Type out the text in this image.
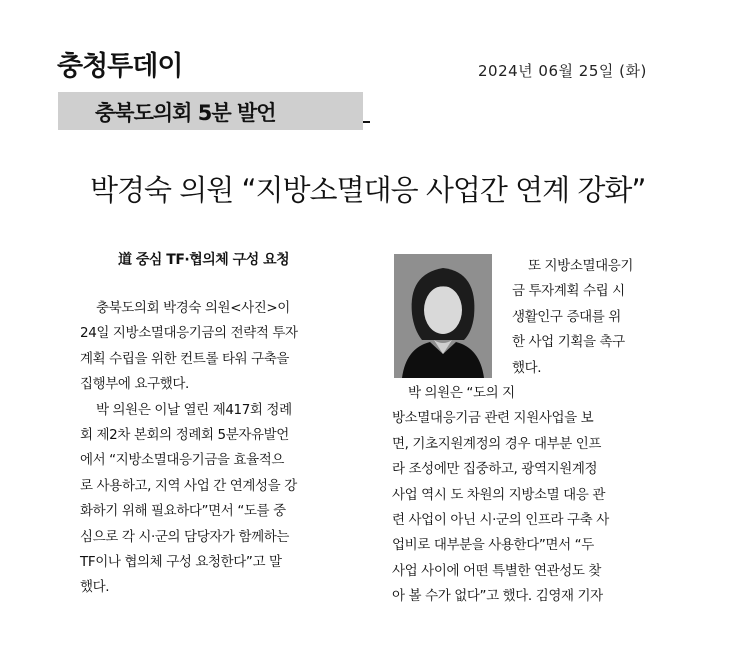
충청투데이	2024년 06월 25일 (화)
충북도의회 5분 발언
박경숙 의원 “지방소멸대응 사업간 연계 강화”
道 중심 TF·협의체 구성 요청
충북도의회 박경숙 의원<사진>이
24일 지방소멸대응기금의 전략적 투자
계획 수립을 위한 컨트롤 타워 구축을
집행부에 요구했다.
박 의원은 이날 열린 제417회 정례
회 제2차 본회의 정례회 5분자유발언
에서 “지방소멸대응기금을 효율적으
로 사용하고, 지역 사업 간 연계성을 강
화하기 위해 필요하다”면서 “도를 중
심으로 각 시·군의 담당자가 함께하는
TF이나 협의체 구성 요청한다”고 말
했다.
또 지방소멸대응기
금 투자계획 수립 시
생활인구 증대를 위
한 사업 기획을 촉구
했다.
박 의원은 “도의 지
방소멸대응기금 관련 지원사업을 보
면, 기초지원계정의 경우 대부분 인프
라 조성에만 집중하고, 광역지원계정
사업 역시 도 차원의 지방소멸 대응 관
련 사업이 아닌 시·군의 인프라 구축 사
업비로 대부분을 사용한다”면서 “두
사업 사이에 어떤 특별한 연관성도 찾
아 볼 수가 없다”고 했다. 김영재 기자
